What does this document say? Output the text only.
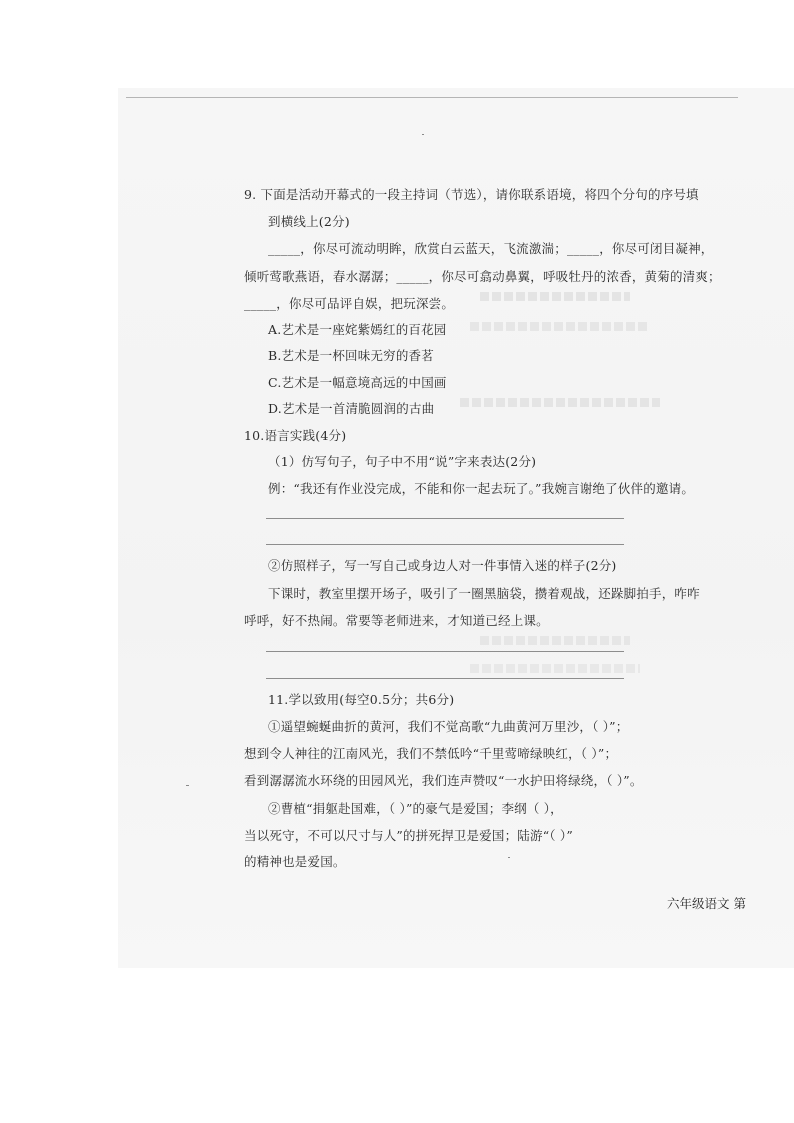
9. 下面是活动开幕式的一段主持词（节选），请你联系语境，将四个分句的序号填
到横线上(2分)
_____，你尽可流动明眸，欣赏白云蓝天，飞流激湍；_____，你尽可闭目凝神，
倾听莺歌燕语，春水潺潺；_____，你尽可翕动鼻翼，呼吸牡丹的浓香，黄菊的清爽；
_____，你尽可品评自娱，把玩深尝。
A.艺术是一座姹紫嫣红的百花园
B.艺术是一杯回味无穷的香茗
C.艺术是一幅意境高远的中国画
D.艺术是一首清脆圆润的古曲
10.语言实践(4分)
（1）仿写句子，句子中不用“说”字来表达(2分)
例：“我还有作业没完成，不能和你一起去玩了。”我婉言谢绝了伙伴的邀请。
②仿照样子，写一写自己或身边人对一件事情入迷的样子(2分)
下课时，教室里摆开场子，吸引了一圈黑脑袋，攒着观战，还跺脚拍手，咋咋
呼呼，好不热闹。常要等老师进来，才知道已经上课。
11.学以致用(每空0.5分；共6分)
①遥望蜿蜒曲折的黄河，我们不觉高歌“九曲黄河万里沙，（ ）”；
想到令人神往的江南风光，我们不禁低吟“千里莺啼绿映红，（ ）”；
看到潺潺流水环绕的田园风光，我们连声赞叹“一水护田将绿绕，（ ）”。
②曹植“捐躯赴国难，（ ）”的豪气是爱国；李纲（ ），
当以死守，不可以尺寸与人”的拼死捍卫是爱国；陆游“（ ）”
的精神也是爱国。
六年级语文 第
